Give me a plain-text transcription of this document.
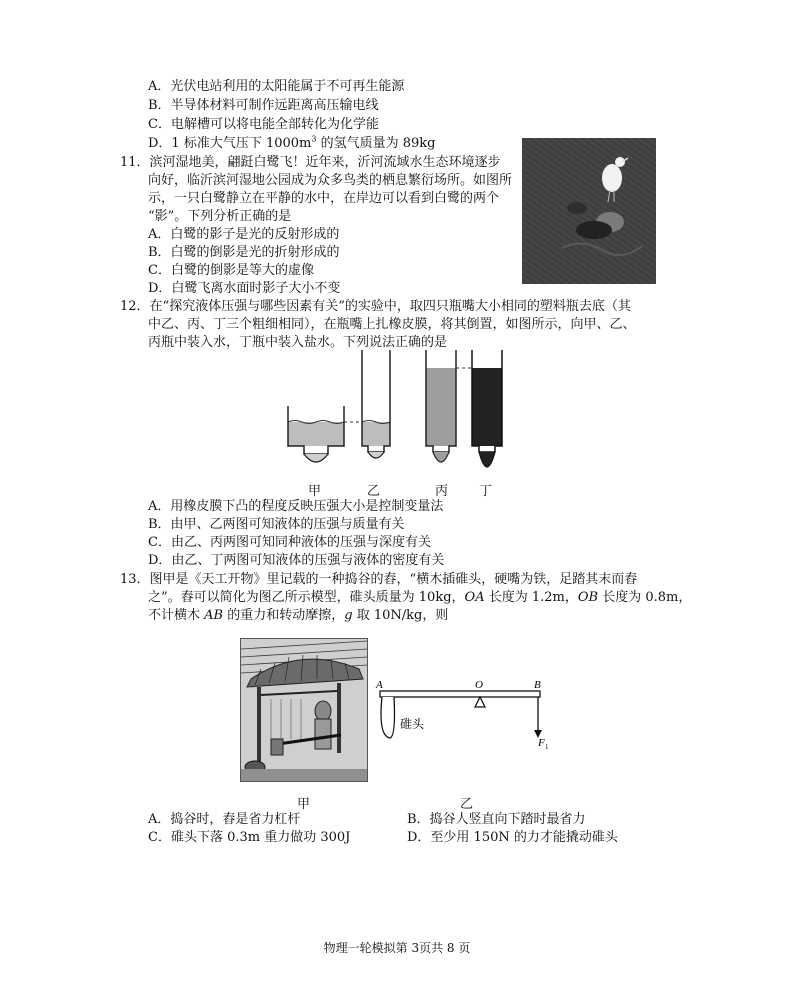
A．光伏电站利用的太阳能属于不可再生能源
B．半导体材料可制作远距离高压输电线
C．电解槽可以将电能全部转化为化学能
D．1 标准大气压下 $1000m^3$ 的氢气质量为 89kg
11．滨河湿地美，翩跹白鹭飞！近年来，沂河流域水生态环境逐步
向好，临沂滨河湿地公园成为众多鸟类的栖息繁衍场所。如图所
示，一只白鹭静立在平静的水中，在岸边可以看到白鹭的两个
“影”。下列分析正确的是
A．白鹭的影子是光的反射形成的
B．白鹭的倒影是光的折射形成的
C．白鹭的倒影是等大的虚像
D．白鹭飞离水面时影子大小不变
12．在“探究液体压强与哪些因素有关”的实验中，取四只瓶嘴大小相同的塑料瓶去底（其
中乙、丙、丁三个粗细相同），在瓶嘴上扎橡皮膜，将其倒置，如图所示，向甲、乙、
丙瓶中装入水，丁瓶中装入盐水。下列说法正确的是
甲	乙	丙 丁
A．用橡皮膜下凸的程度反映压强大小是控制变量法
B．由甲、乙两图可知液体的压强与质量有关
C．由乙、丙两图可知同种液体的压强与深度有关
D．由乙、丁两图可知液体的压强与液体的密度有关
13．图甲是《天工开物》里记载的一种捣谷的舂，“横木插碓头，硬嘴为铁，足踏其末而舂
之”。舂可以简化为图乙所示模型，碓头质量为 10kg，OA 长度为 1.2m，OB 长度为 0.8m，
不计横木 AB 的重力和转动摩擦，g 取 10N/kg，则
A	O	B
碓头
F 1
甲	乙
A．捣谷时，舂是省力杠杆	B．捣谷人竖直向下踏时最省力
C．碓头下落 0.3m 重力做功 300J	D．至少用 150N 的力才能撬动碓头
物理一轮模拟第 3页共 8 页
